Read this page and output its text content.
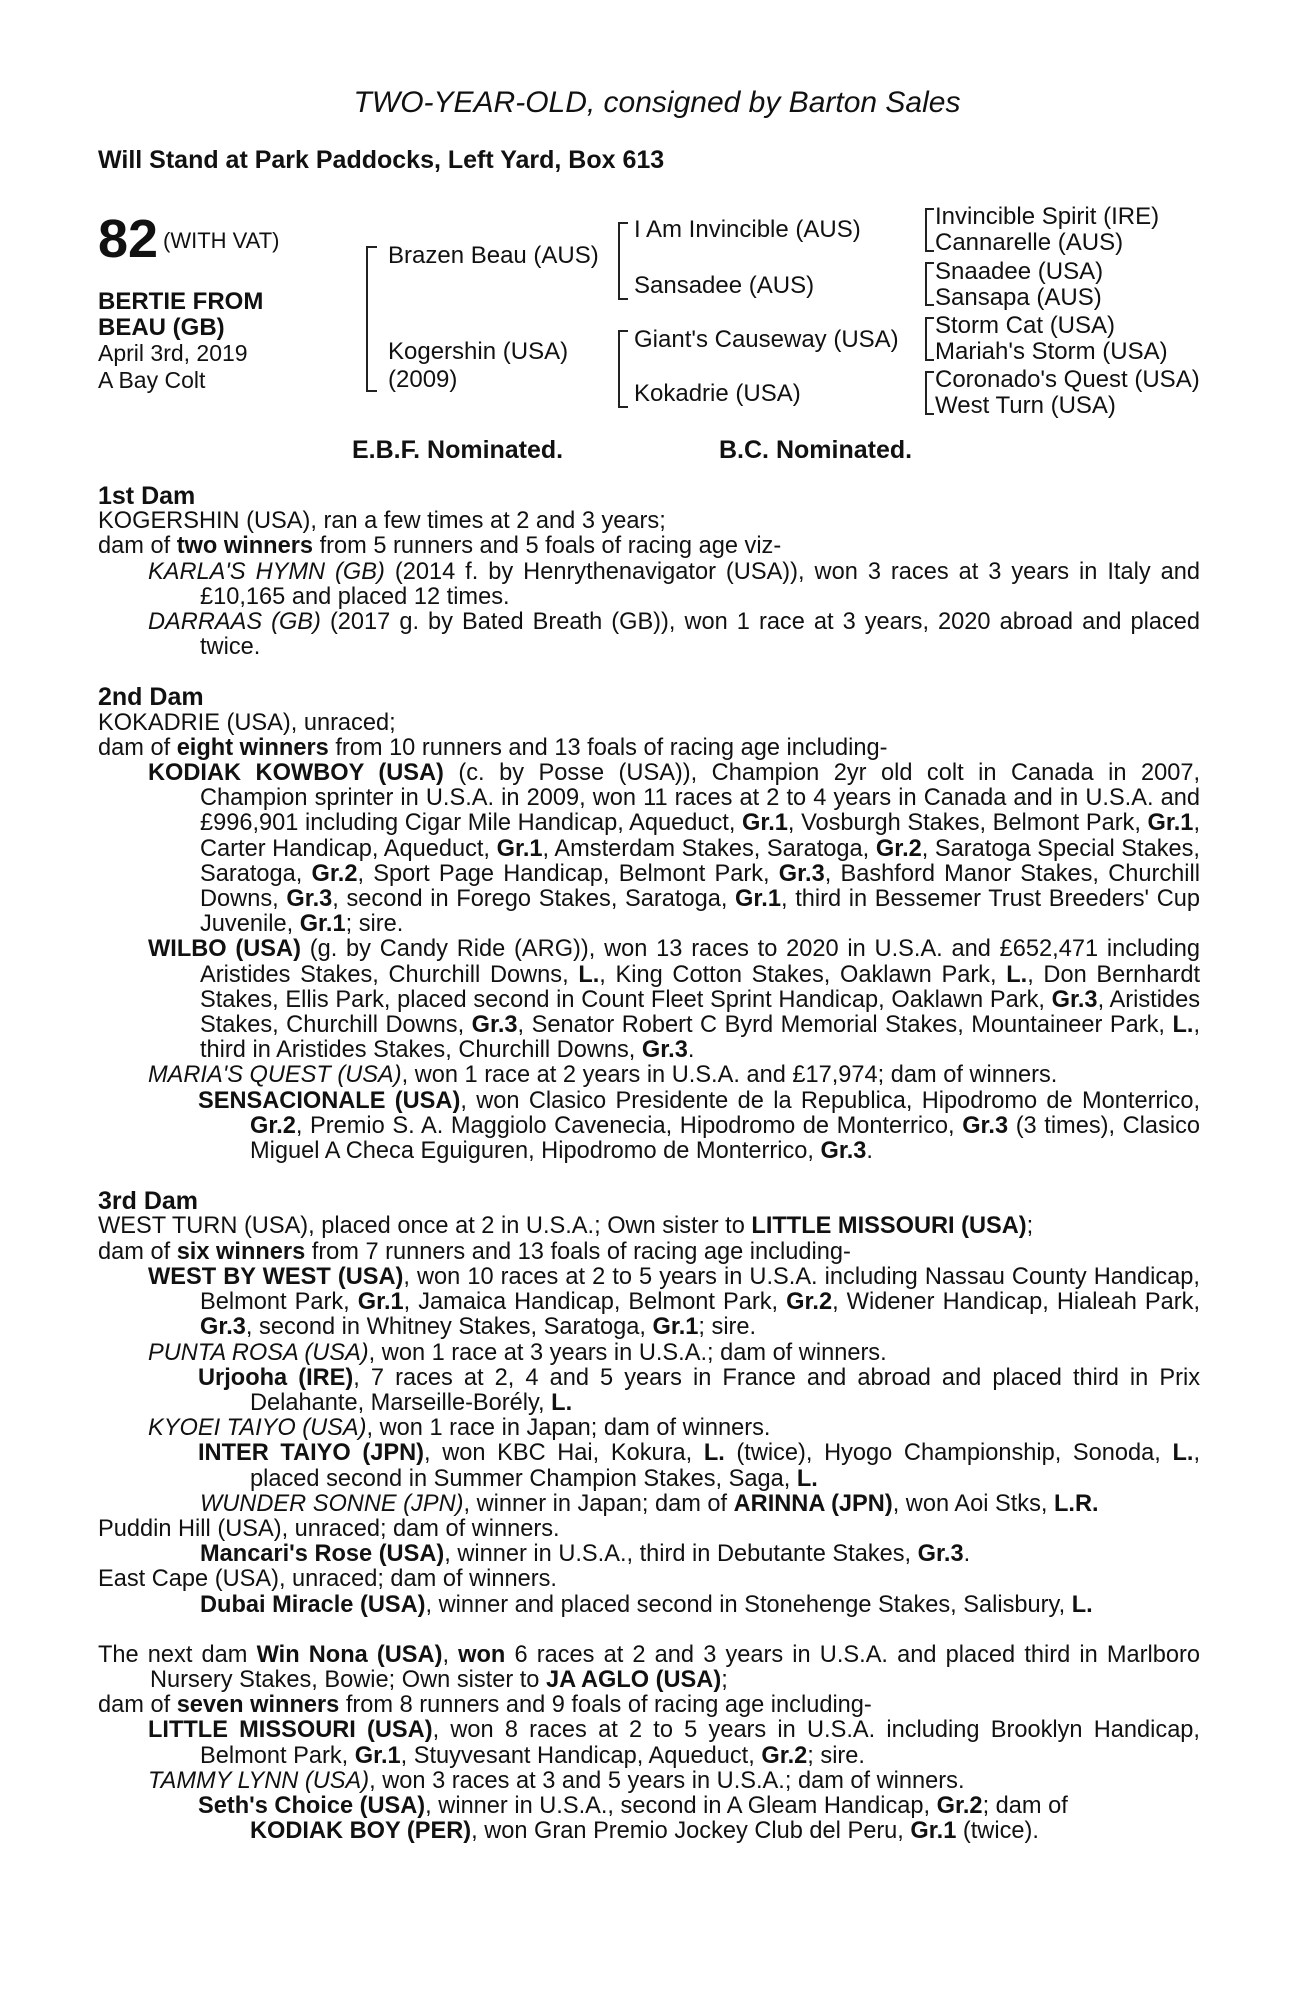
TWO-YEAR-OLD, consigned by Barton Sales
Will Stand at Park Paddocks, Left Yard, Box 613
82 (WITH VAT)
BERTIE FROM
BEAU (GB)
April 3rd, 2019
A Bay Colt
Brazen Beau (AUS)
Kogershin (USA)
(2009)
I Am Invincible (AUS)
Sansadee (AUS)
Giant's Causeway (USA)
Kokadrie (USA)
Invincible Spirit (IRE)
Cannarelle (AUS)
Snaadee (USA)
Sansapa (AUS)
Storm Cat (USA)
Mariah's Storm (USA)
Coronado's Quest (USA)
West Turn (USA)
E.B.F. Nominated.	B.C. Nominated.
1st Dam
KOGERSHIN (USA), ran a few times at 2 and 3 years;
dam of two winners from 5 runners and 5 foals of racing age viz-
KARLA'S HYMN (GB) (2014 f. by Henrythenavigator (USA)), won 3 races at 3 years in Italy and £10,165 and placed 12 times.
DARRAAS (GB) (2017 g. by Bated Breath (GB)), won 1 race at 3 years, 2020 abroad and placed twice.
2nd Dam
KOKADRIE (USA), unraced;
dam of eight winners from 10 runners and 13 foals of racing age including-
KODIAK KOWBOY (USA) (c. by Posse (USA)), Champion 2yr old colt in Canada in 2007, Champion sprinter in U.S.A. in 2009, won 11 races at 2 to 4 years in Canada and in U.S.A. and £996,901 including Cigar Mile Handicap, Aqueduct, Gr.1, Vosburgh Stakes, Belmont Park, Gr.1, Carter Handicap, Aqueduct, Gr.1, Amsterdam Stakes, Saratoga, Gr.2, Saratoga Special Stakes, Saratoga, Gr.2, Sport Page Handicap, Belmont Park, Gr.3, Bashford Manor Stakes, Churchill Downs, Gr.3, second in Forego Stakes, Saratoga, Gr.1, third in Bessemer Trust Breeders' Cup Juvenile, Gr.1; sire.
WILBO (USA) (g. by Candy Ride (ARG)), won 13 races to 2020 in U.S.A. and £652,471 including Aristides Stakes, Churchill Downs, L., King Cotton Stakes, Oaklawn Park, L., Don Bernhardt Stakes, Ellis Park, placed second in Count Fleet Sprint Handicap, Oaklawn Park, Gr.3, Aristides Stakes, Churchill Downs, Gr.3, Senator Robert C Byrd Memorial Stakes, Mountaineer Park, L., third in Aristides Stakes, Churchill Downs, Gr.3.
MARIA'S QUEST (USA), won 1 race at 2 years in U.S.A. and £17,974; dam of winners.
SENSACIONALE (USA), won Clasico Presidente de la Republica, Hipodromo de Monterrico, Gr.2, Premio S. A. Maggiolo Cavenecia, Hipodromo de Monterrico, Gr.3 (3 times), Clasico Miguel A Checa Eguiguren, Hipodromo de Monterrico, Gr.3.
3rd Dam
WEST TURN (USA), placed once at 2 in U.S.A.; Own sister to LITTLE MISSOURI (USA);
dam of six winners from 7 runners and 13 foals of racing age including-
WEST BY WEST (USA), won 10 races at 2 to 5 years in U.S.A. including Nassau County Handicap, Belmont Park, Gr.1, Jamaica Handicap, Belmont Park, Gr.2, Widener Handicap, Hialeah Park, Gr.3, second in Whitney Stakes, Saratoga, Gr.1; sire.
PUNTA ROSA (USA), won 1 race at 3 years in U.S.A.; dam of winners.
Urjooha (IRE), 7 races at 2, 4 and 5 years in France and abroad and placed third in Prix Delahante, Marseille-Borély, L.
KYOEI TAIYO (USA), won 1 race in Japan; dam of winners.
INTER TAIYO (JPN), won KBC Hai, Kokura, L. (twice), Hyogo Championship, Sonoda, L., placed second in Summer Champion Stakes, Saga, L.
WUNDER SONNE (JPN), winner in Japan; dam of ARINNA (JPN), won Aoi Stks, L.R.
Puddin Hill (USA), unraced; dam of winners.
Mancari's Rose (USA), winner in U.S.A., third in Debutante Stakes, Gr.3.
East Cape (USA), unraced; dam of winners.
Dubai Miracle (USA), winner and placed second in Stonehenge Stakes, Salisbury, L.
The next dam Win Nona (USA), won 6 races at 2 and 3 years in U.S.A. and placed third in Marlboro Nursery Stakes, Bowie; Own sister to JA AGLO (USA);
dam of seven winners from 8 runners and 9 foals of racing age including-
LITTLE MISSOURI (USA), won 8 races at 2 to 5 years in U.S.A. including Brooklyn Handicap, Belmont Park, Gr.1, Stuyvesant Handicap, Aqueduct, Gr.2; sire.
TAMMY LYNN (USA), won 3 races at 3 and 5 years in U.S.A.; dam of winners.
Seth's Choice (USA), winner in U.S.A., second in A Gleam Handicap, Gr.2; dam of
KODIAK BOY (PER), won Gran Premio Jockey Club del Peru, Gr.1 (twice).
